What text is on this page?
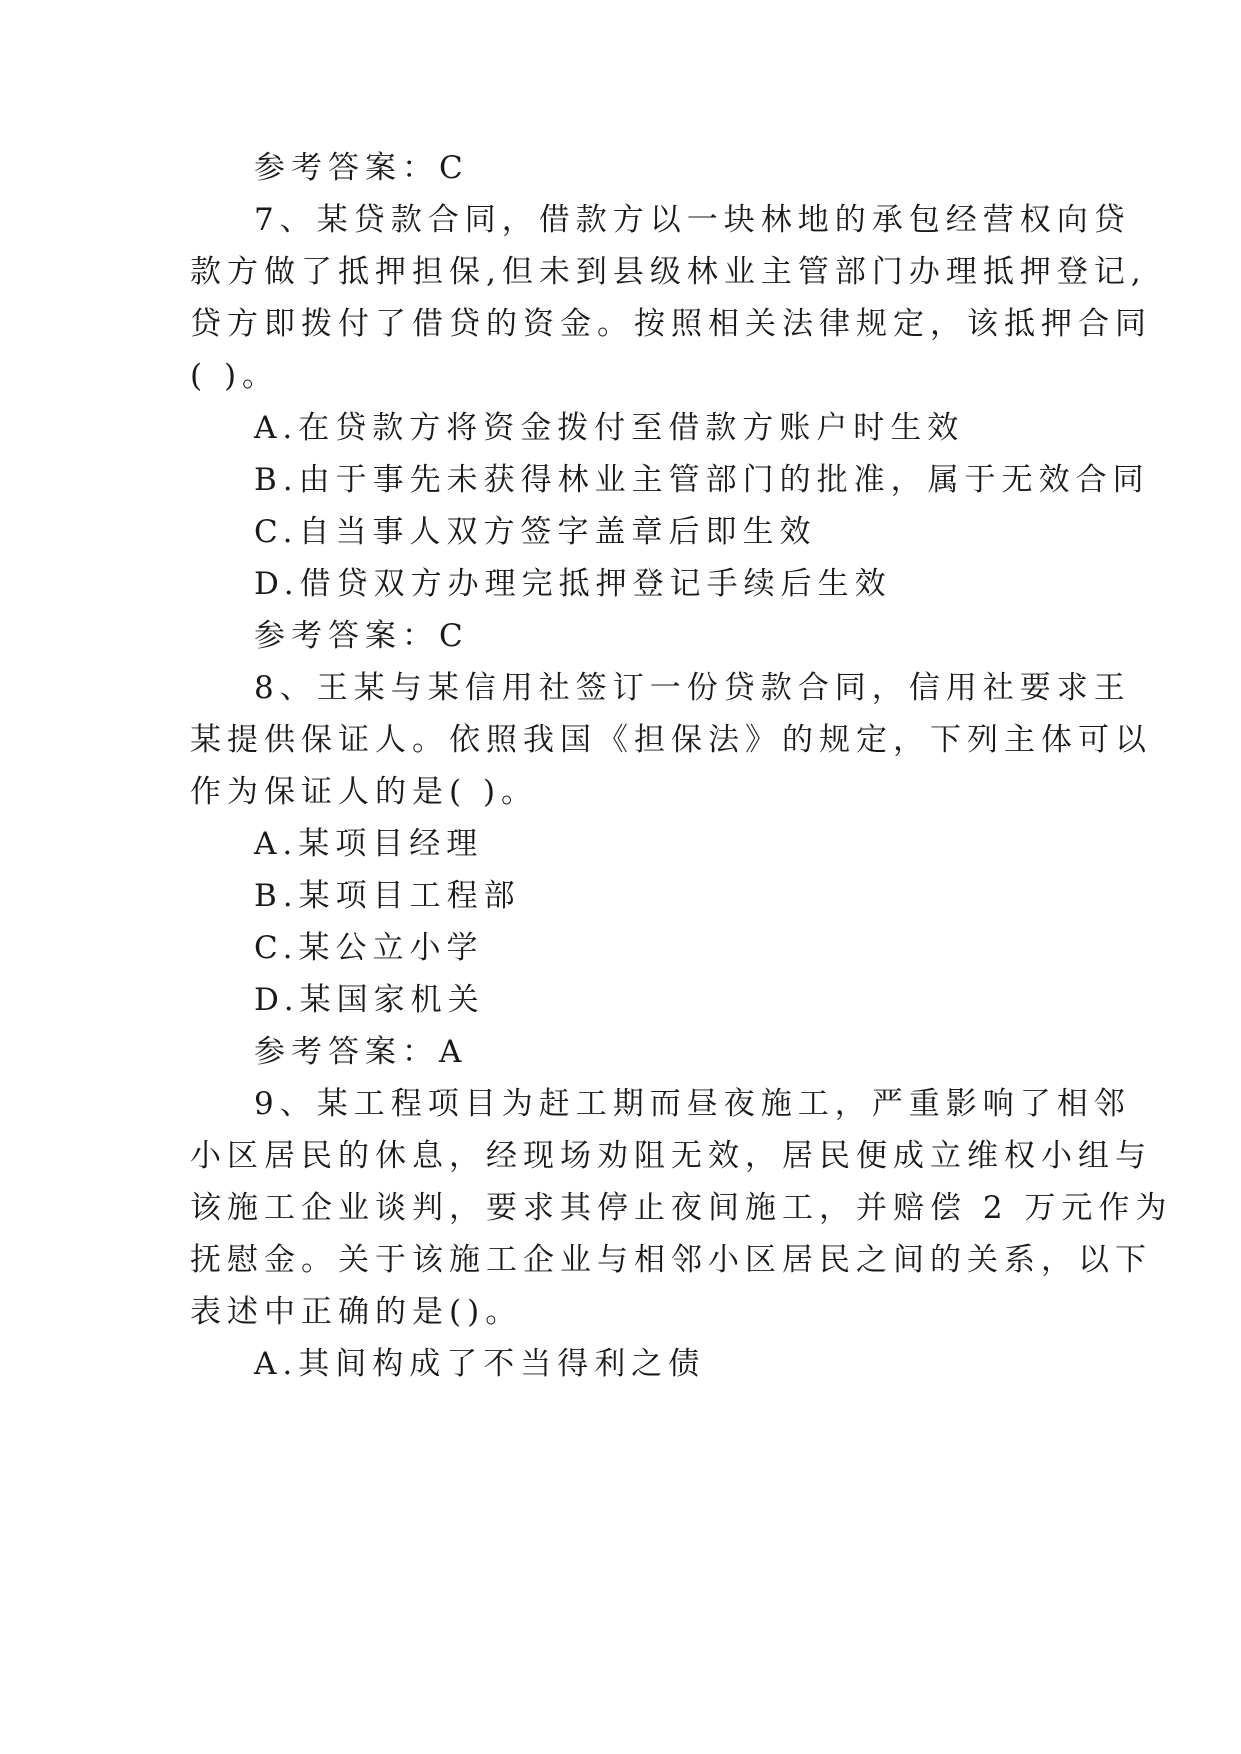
参考答案：C
7、某贷款合同，借款方以一块林地的承包经营权向贷
款方做了抵押担保,但未到县级林业主管部门办理抵押登记,
贷方即拨付了借贷的资金。按照相关法律规定，该抵押合同
( )。
A.在贷款方将资金拨付至借款方账户时生效
B.由于事先未获得林业主管部门的批准，属于无效合同
C.自当事人双方签字盖章后即生效
D.借贷双方办理完抵押登记手续后生效
参考答案：C
8、王某与某信用社签订一份贷款合同，信用社要求王
某提供保证人。依照我国《担保法》的规定，下列主体可以
作为保证人的是( )。
A.某项目经理
B.某项目工程部
C.某公立小学
D.某国家机关
参考答案：A
9、某工程项目为赶工期而昼夜施工，严重影响了相邻
小区居民的休息，经现场劝阻无效，居民便成立维权小组与
该施工企业谈判，要求其停止夜间施工，并赔偿 2 万元作为
抚慰金。关于该施工企业与相邻小区居民之间的关系，以下
表述中正确的是()。
A.其间构成了不当得利之债
